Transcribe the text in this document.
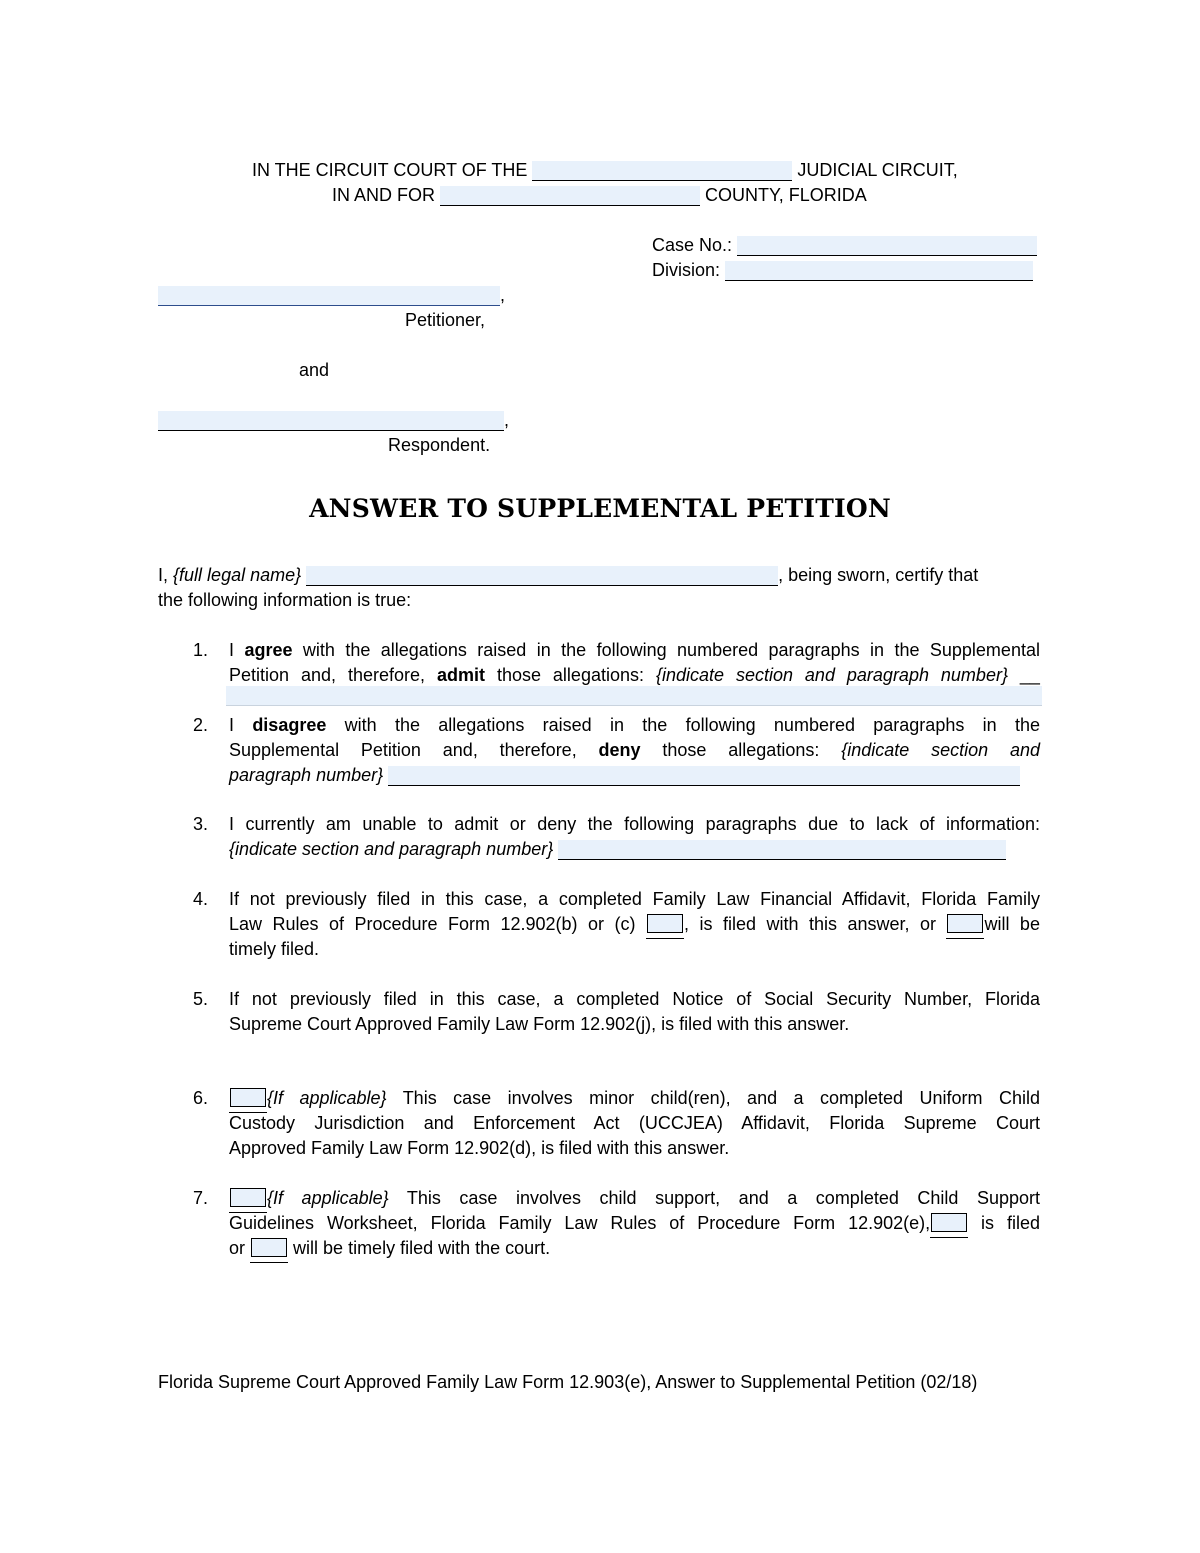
IN THE CIRCUIT COURT OF THE	JUDICIAL CIRCUIT,
IN AND FOR	COUNTY, FLORIDA
Case No.:
Division:
,
Petitioner,
and
,
Respondent.
ANSWER TO SUPPLEMENTAL PETITION
I, {full legal name}	, being sworn, certify that
the following information is true:
1. I agree with the allegations raised in the following numbered paragraphs in the Supplemental
Petition and, therefore, admit those allegations: {indicate section and paragraph number} __
2. I disagree with the allegations raised in the following numbered paragraphs in the
Supplemental Petition and, therefore, deny those allegations: {indicate section and
paragraph number}
3. I currently am unable to admit or deny the following paragraphs due to lack of information:
{indicate section and paragraph number}
4. If not previously filed in this case, a completed Family Law Financial Affidavit, Florida Family
Law Rules of Procedure Form 12.902(b) or (c)	, is filed with this answer, or	will be
timely filed.
5. If not previously filed in this case, a completed Notice of Social Security Number, Florida
Supreme Court Approved Family Law Form 12.902(j), is filed with this answer.
6.	{If applicable} This case involves minor child(ren), and a completed Uniform Child
Custody Jurisdiction and Enforcement Act (UCCJEA) Affidavit, Florida Supreme Court
Approved Family Law Form 12.902(d), is filed with this answer.
7.	{If applicable} This case involves child support, and a completed Child Support
Guidelines Worksheet, Florida Family Law Rules of Procedure Form 12.902(e),	is filed
or	will be timely filed with the court.
Florida Supreme Court Approved Family Law Form 12.903(e), Answer to Supplemental Petition (02/18)
